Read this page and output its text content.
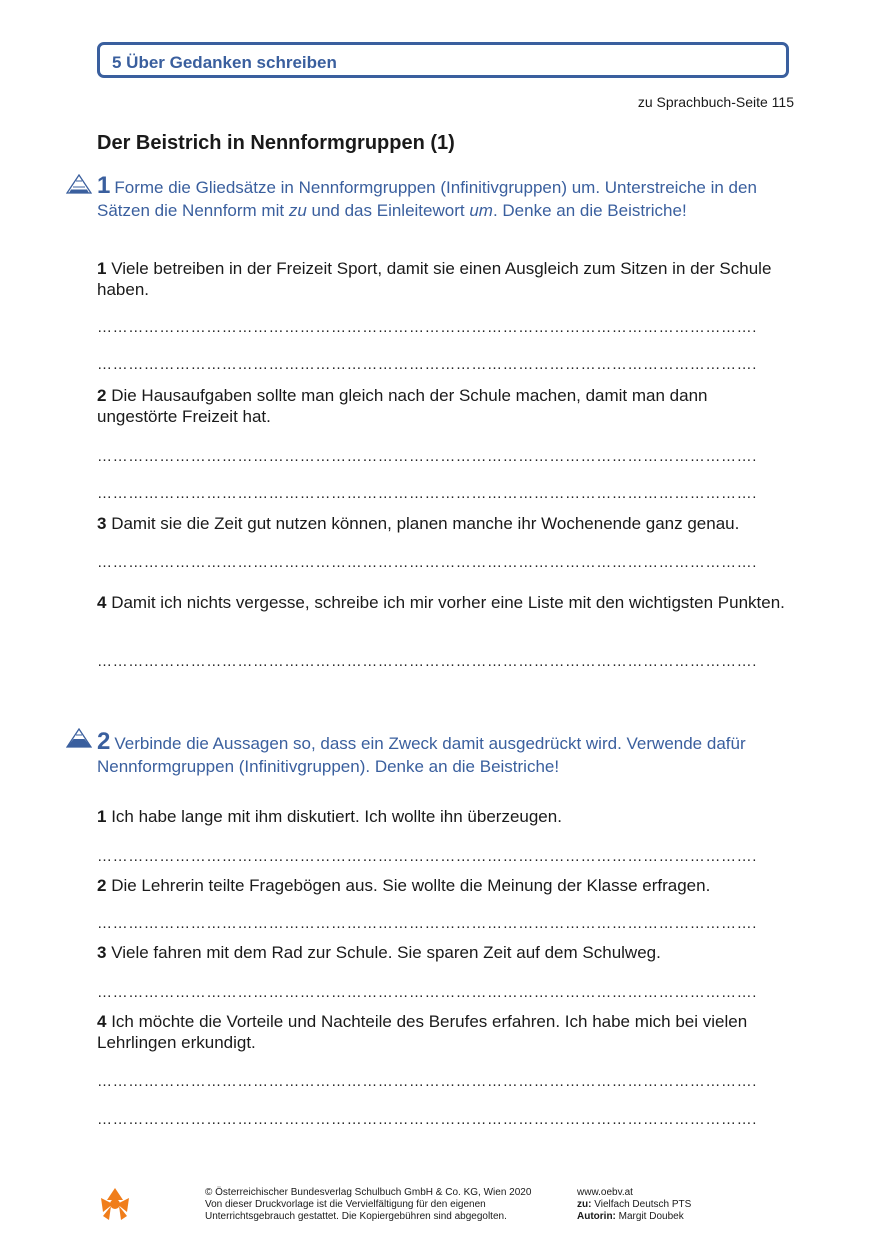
5 Über Gedanken schreiben
zu Sprachbuch-Seite 115
Der Beistrich in Nennformgruppen (1)
1 Forme die Gliedsätze in Nennformgruppen (Infinitivgruppen) um. Unterstreiche in den Sätzen die Nennform mit zu und das Einleitewort um. Denke an die Beistriche!
1 Viele betreiben in der Freizeit Sport, damit sie einen Ausgleich zum Sitzen in der Schule haben.
……………………………………………………………………………………………………………….
……………………………………………………………………………………………………………….
2 Die Hausaufgaben sollte man gleich nach der Schule machen, damit man dann ungestörte Freizeit hat.
……………………………………………………………………………………………………………….
……………………………………………………………………………………………………………….
3 Damit sie die Zeit gut nutzen können, planen manche ihr Wochenende ganz genau.
……………………………………………………………………………………………………………….
4 Damit ich nichts vergesse, schreibe ich mir vorher eine Liste mit den wichtigsten Punkten.
……………………………………………………………………………………………………………….
2 Verbinde die Aussagen so, dass ein Zweck damit ausgedrückt wird. Verwende dafür Nennformgruppen (Infinitivgruppen). Denke an die Beistriche!
1 Ich habe lange mit ihm diskutiert. Ich wollte ihn überzeugen.
……………………………………………………………………………………………………………….
2 Die Lehrerin teilte Fragebögen aus. Sie wollte die Meinung der Klasse erfragen.
……………………………………………………………………………………………………………….
3 Viele fahren mit dem Rad zur Schule. Sie sparen Zeit auf dem Schulweg.
……………………………………………………………………………………………………………….
4 Ich möchte die Vorteile und Nachteile des Berufes erfahren. Ich habe mich bei vielen Lehrlingen erkundigt.
……………………………………………………………………………………………………………….
……………………………………………………………………………………………………………….
© Österreichischer Bundesverlag Schulbuch GmbH & Co. KG, Wien 2020
Von dieser Druckvorlage ist die Vervielfältigung für den eigenen
Unterrichtsgebrauch gestattet. Die Kopiergebühren sind abgegolten.
www.oebv.at
zu: Vielfach Deutsch PTS
Autorin: Margit Doubek
